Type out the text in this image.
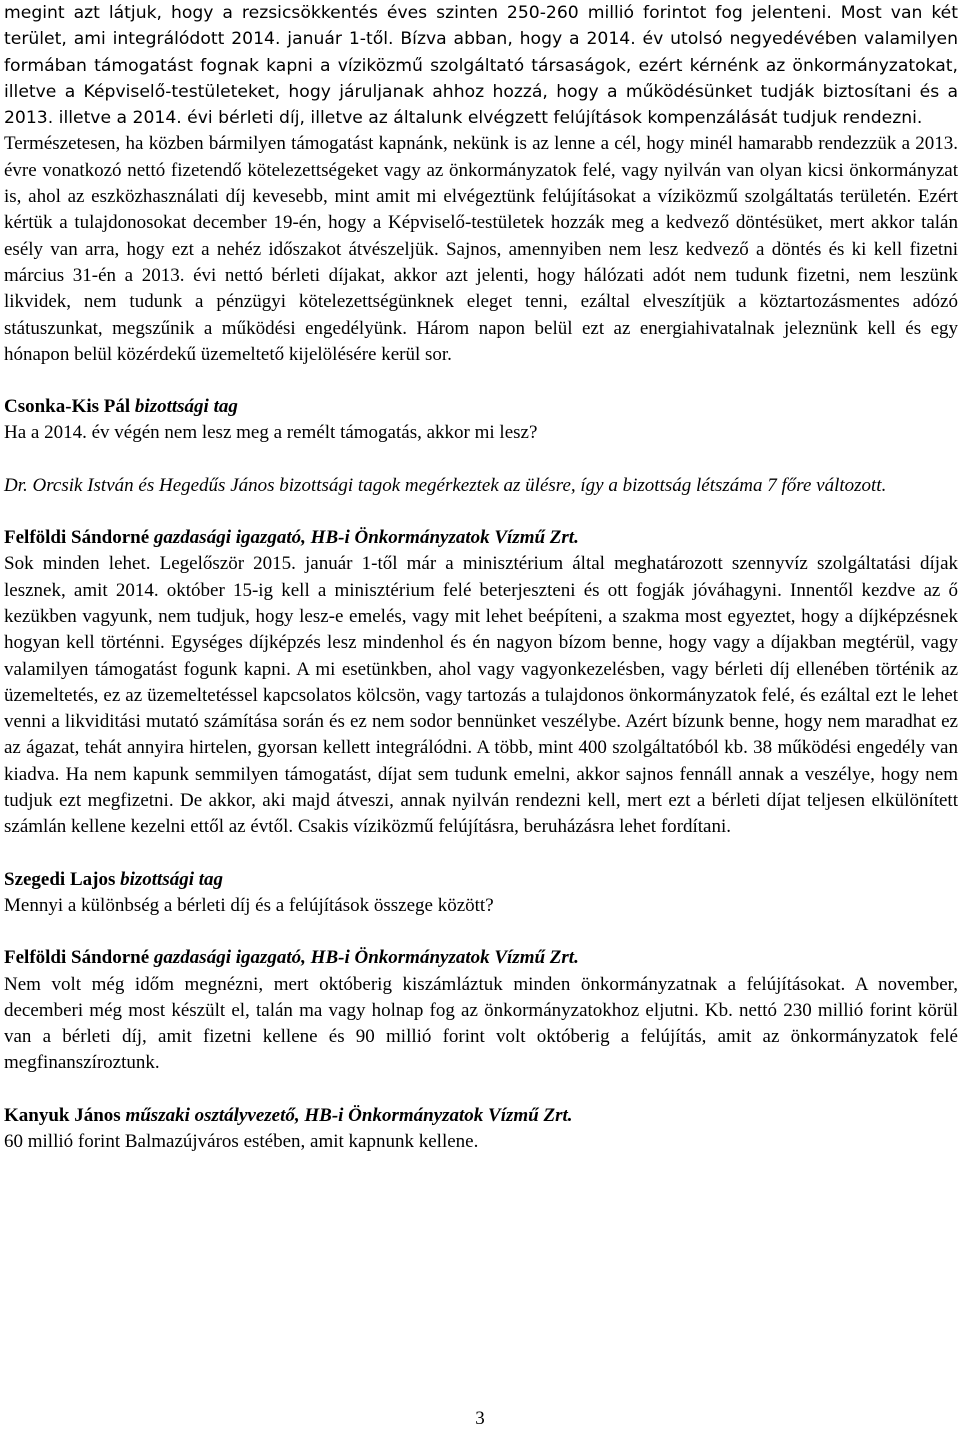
megint azt látjuk, hogy a rezsicsökkentés éves szinten 250-260 millió forintot fog jelenteni. Most van két terület, ami integrálódott 2014. január 1-től. Bízva abban, hogy a 2014. év utolsó negyedévében valamilyen formában támogatást fognak kapni a víziközmű szolgáltató társaságok, ezért kérnénk az önkormányzatokat, illetve a Képviselő-testületeket, hogy járuljanak ahhoz hozzá, hogy a működésünket tudják biztosítani és a 2013. illetve a 2014. évi bérleti díj, illetve az általunk elvégzett felújítások kompenzálását tudjuk rendezni.

Természetesen, ha közben bármilyen támogatást kapnánk, nekünk is az lenne a cél, hogy minél hamarabb rendezzük a 2013. évre vonatkozó nettó fizetendő kötelezettségeket vagy az önkormányzatok felé, vagy nyilván van olyan kicsi önkormányzat is, ahol az eszközhasználati díj kevesebb, mint amit mi elvégeztünk felújításokat a víziközmű szolgáltatás területén. Ezért kértük a tulajdonosokat december 19-én, hogy a Képviselő-testületek hozzák meg a kedvező döntésüket, mert akkor talán esély van arra, hogy ezt a nehéz időszakot átvészeljük. Sajnos, amennyiben nem lesz kedvező a döntés és ki kell fizetni március 31-én a 2013. évi nettó bérleti díjakat, akkor azt jelenti, hogy hálózati adót nem tudunk fizetni, nem leszünk likvidek, nem tudunk a pénzügyi kötelezettségünknek eleget tenni, ezáltal elveszítjük a köztartozásmentes adózó státuszunkat, megszűnik a működési engedélyünk. Három napon belül ezt az energiahivatalnak jeleznünk kell és egy hónapon belül közérdekű üzemeltető kijelölésére kerül sor.

Csonka-Kis Pál bizottsági tag

Ha a 2014. év végén nem lesz meg a remélt támogatás, akkor mi lesz?

Dr. Orcsik István és Hegedűs János bizottsági tagok megérkeztek az ülésre, így a bizottság létszáma 7 főre változott.

Felföldi Sándorné gazdasági igazgató, HB-i Önkormányzatok Vízmű Zrt.

Sok minden lehet. Legelőször 2015. január 1-től már a minisztérium által meghatározott szennyvíz szolgáltatási díjak lesznek, amit 2014. október 15-ig kell a minisztérium felé beterjeszteni és ott fogják jóváhagyni. Innentől kezdve az ő kezükben vagyunk, nem tudjuk, hogy lesz-e emelés, vagy mit lehet beépíteni, a szakma most egyeztet, hogy a díjképzésnek hogyan kell történni. Egységes díjképzés lesz mindenhol és én nagyon bízom benne, hogy vagy a díjakban megtérül, vagy valamilyen támogatást fogunk kapni. A mi esetünkben, ahol vagy vagyonkezelésben, vagy bérleti díj ellenében történik az üzemeltetés, ez az üzemeltetéssel kapcsolatos kölcsön, vagy tartozás a tulajdonos önkormányzatok felé, és ezáltal ezt le lehet venni a likviditási mutató számítása során és ez nem sodor bennünket veszélybe. Azért bízunk benne, hogy nem maradhat ez az ágazat, tehát annyira hirtelen, gyorsan kellett integrálódni. A több, mint 400 szolgáltatóból kb. 38 működési engedély van kiadva. Ha nem kapunk semmilyen támogatást, díjat sem tudunk emelni, akkor sajnos fennáll annak a veszélye, hogy nem tudjuk ezt megfizetni. De akkor, aki majd átveszi, annak nyilván rendezni kell, mert ezt a bérleti díjat teljesen elkülönített számlán kellene kezelni ettől az évtől. Csakis víziközmű felújításra, beruházásra lehet fordítani.

Szegedi Lajos bizottsági tag

Mennyi a különbség a bérleti díj és a felújítások összege között?

Felföldi Sándorné gazdasági igazgató, HB-i Önkormányzatok Vízmű Zrt.

Nem volt még időm megnézni, mert októberig kiszámláztuk minden önkormányzatnak a felújításokat. A november, decemberi még most készült el, talán ma vagy holnap fog az önkormányzatokhoz eljutni. Kb. nettó 230 millió forint körül van a bérleti díj, amit fizetni kellene és 90 millió forint volt októberig a felújítás, amit az önkormányzatok felé megfinanszíroztunk.

Kanyuk János műszaki osztályvezető, HB-i Önkormányzatok Vízmű Zrt.

60 millió forint Balmazújváros estében, amit kapnunk kellene.

3
